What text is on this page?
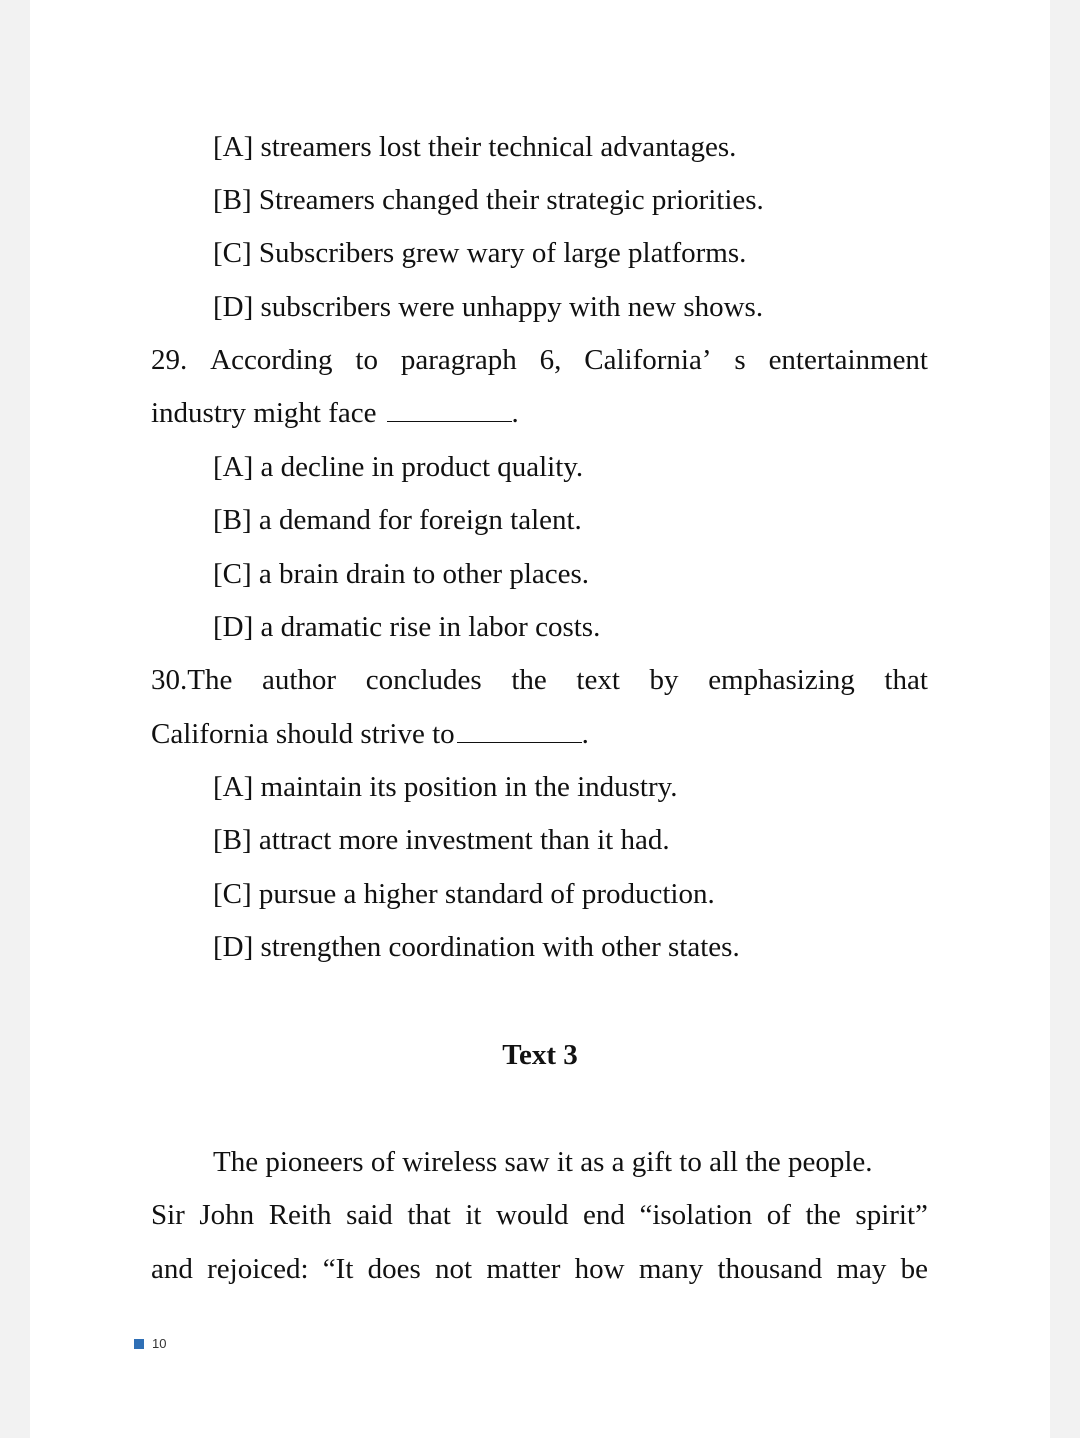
[A] streamers lost their technical advantages.
[B] Streamers changed their strategic priorities.
[C] Subscribers grew wary of large platforms.
[D] subscribers were unhappy with new shows.
29. According to paragraph 6, California’ s entertainment
industry might face	.
[A] a decline in product quality.
[B] a demand for foreign talent.
[C] a brain drain to other places.
[D] a dramatic rise in labor costs.
30.The author concludes the text by emphasizing that
California should strive to	.
[A] maintain its position in the industry.
[B] attract more investment than it had.
[C] pursue a higher standard of production.
[D] strengthen coordination with other states.
Text 3
The pioneers of wireless saw it as a gift to all the people.
Sir John Reith said that it would end “isolation of the spirit”
and rejoiced: “It does not matter how many thousand may be
10
